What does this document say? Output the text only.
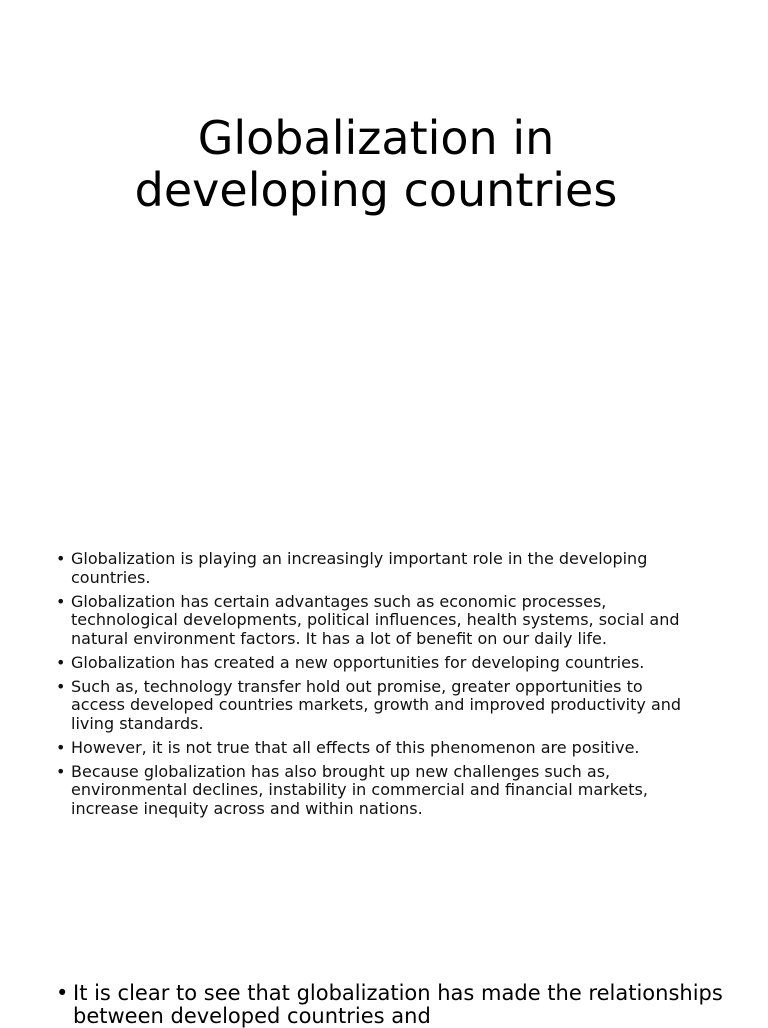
Globalization in
developing countries
• Globalization is playing an increasingly important role in the developing countries.
• Globalization has certain advantages such as economic processes, technological developments, political influences, health systems, social and natural environment factors. It has a lot of benefit on our daily life.
• Globalization has created a new opportunities for developing countries.
• Such as, technology transfer hold out promise, greater opportunities to access developed countries markets, growth and improved productivity and living standards.
• However, it is not true that all effects of this phenomenon are positive.
• Because globalization has also brought up new challenges such as, environmental declines, instability in commercial and financial markets, increase inequity across and within nations.
• It is clear to see that globalization has made the relationships between developed countries and
